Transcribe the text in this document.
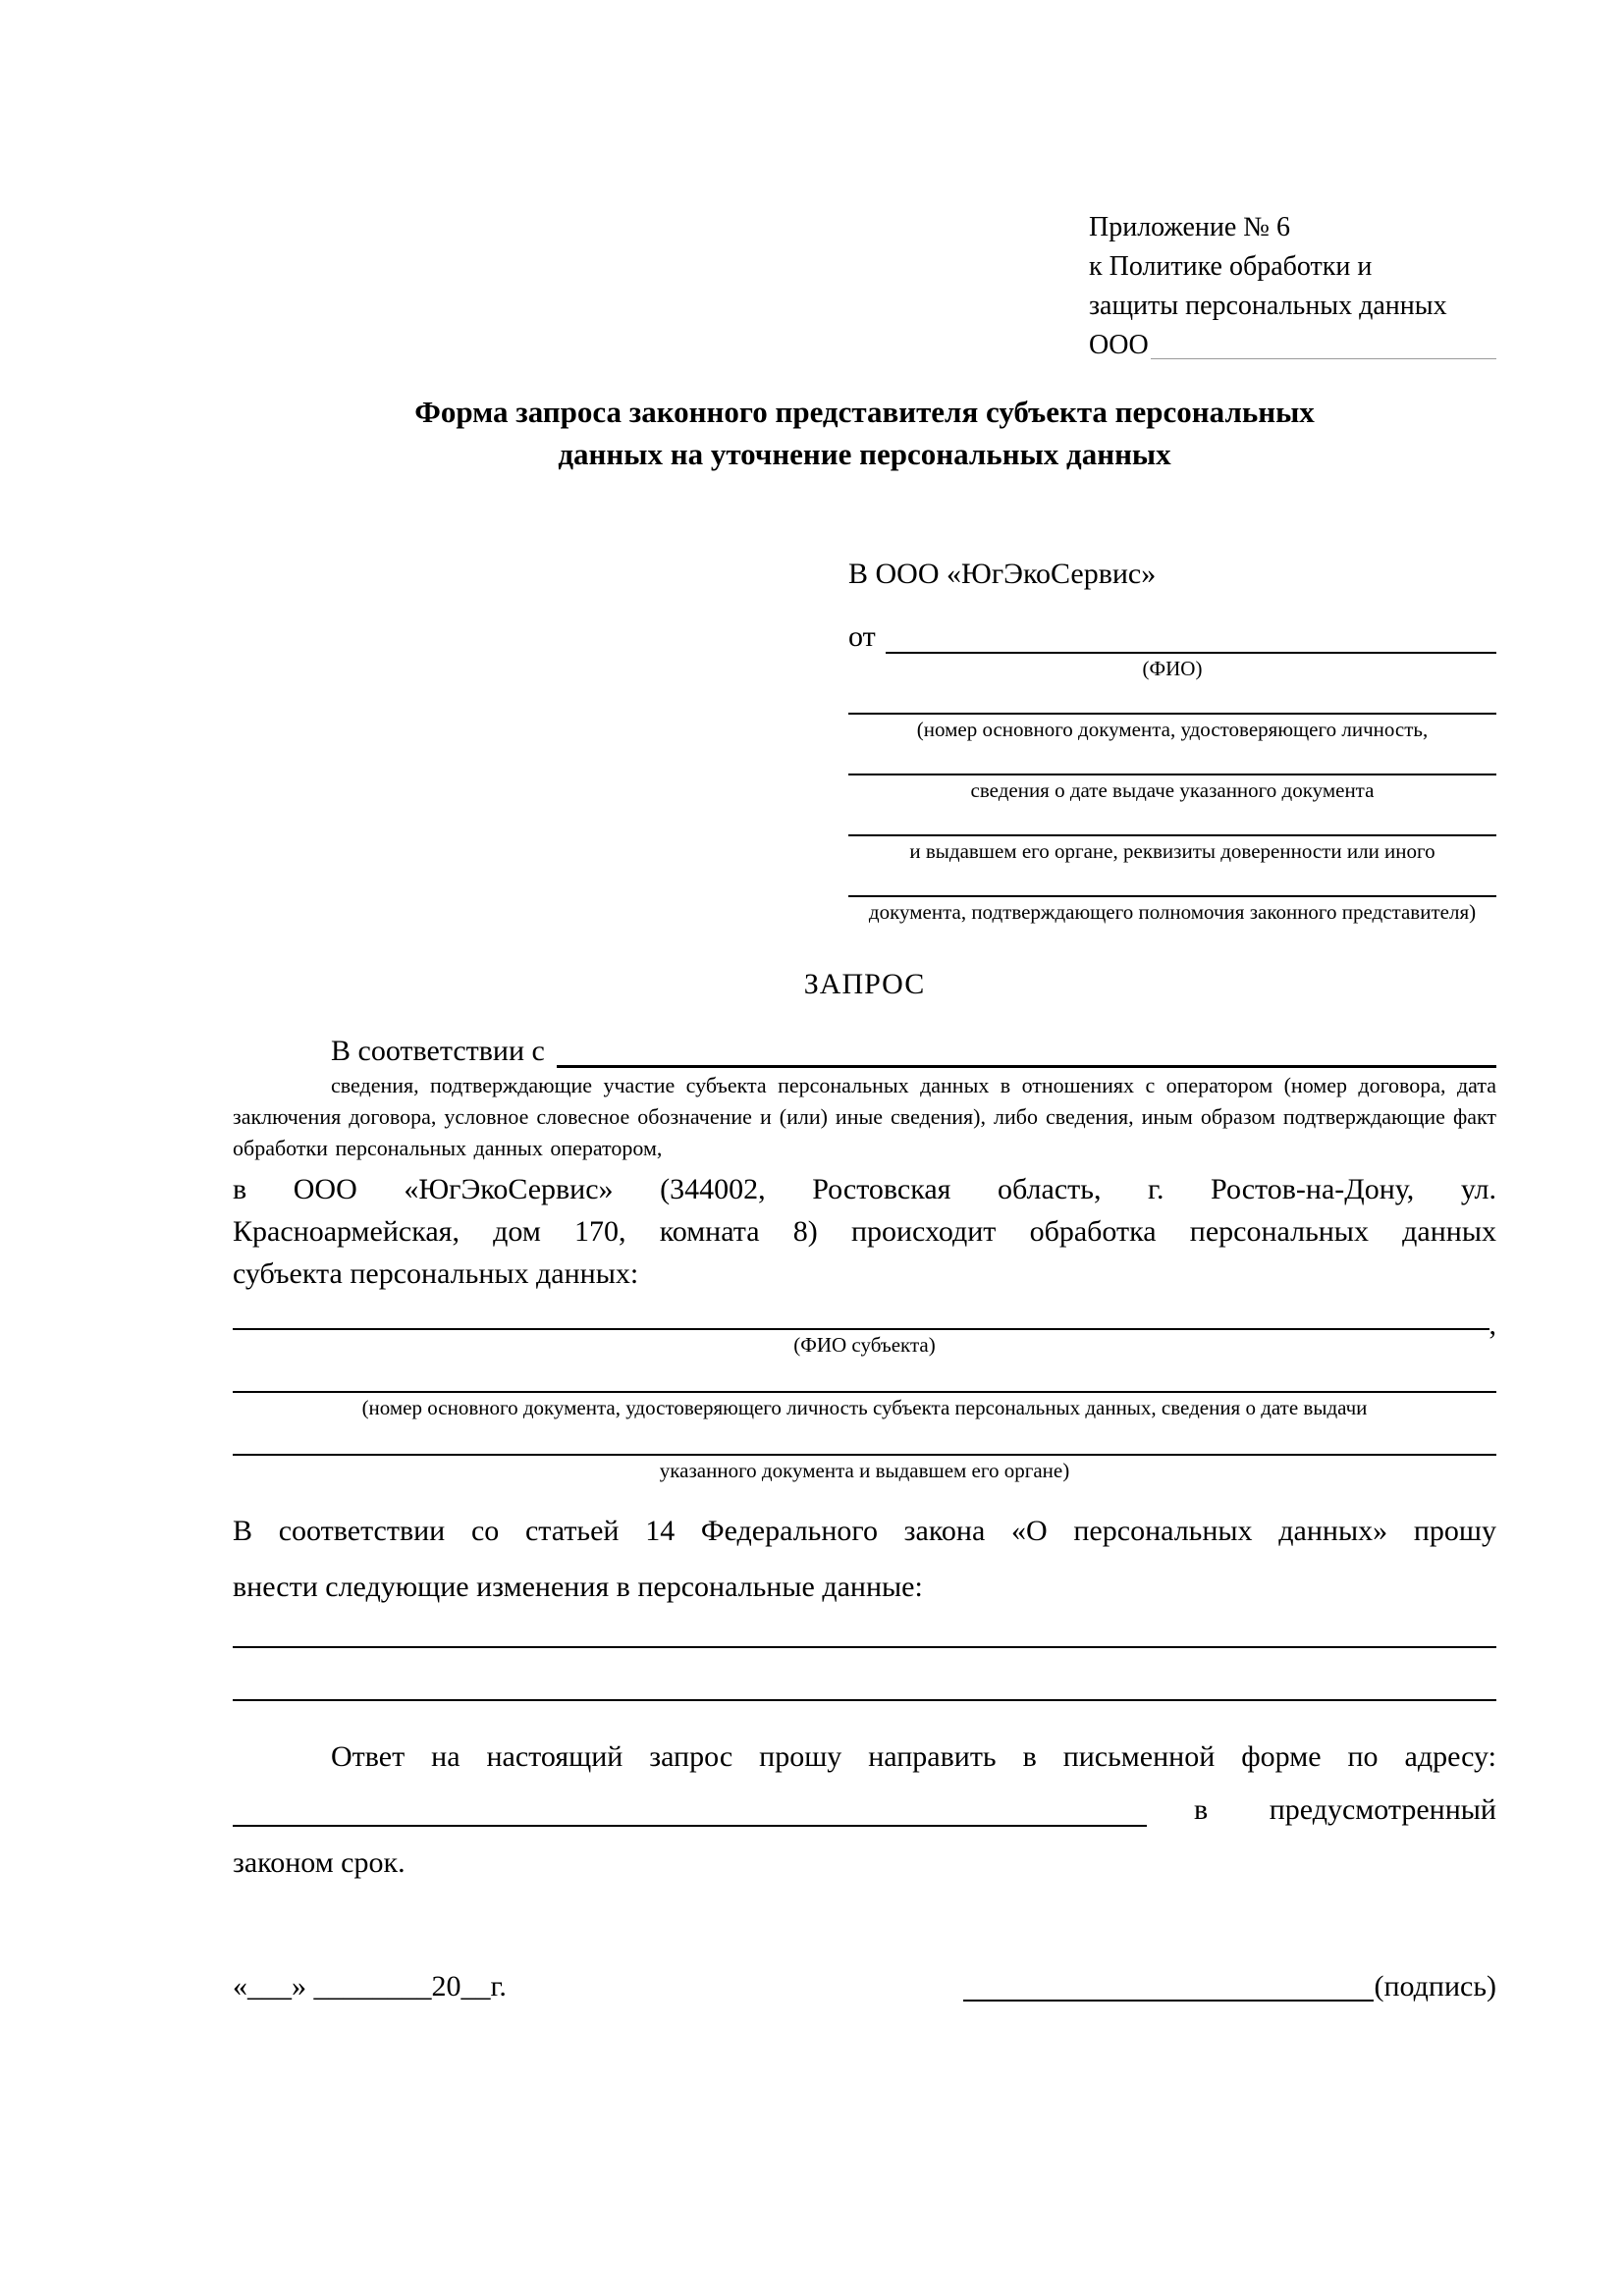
Приложение № 6
к Политике обработки и
защиты персональных данных
ООО
Форма запроса законного представителя субъекта персональных
данных на уточнение персональных данных
В ООО «ЮгЭкоСервис»
от
(ФИО)
(номер основного документа, удостоверяющего личность,
сведения о дате выдаче указанного документа
и выдавшем его органе, реквизиты доверенности или иного
документа, подтверждающего полномочия законного представителя)
ЗАПРОС
В соответствии с
сведения, подтверждающие участие субъекта персональных данных в отношениях с оператором (номер договора, дата заключения договора, условное словесное обозначение и (или) иные сведения), либо сведения, иным образом подтверждающие факт обработки персональных данных оператором,
в ООО «ЮгЭкоСервис» (344002, Ростовская область, г. Ростов-на-Дону, ул.
Красноармейская, дом 170, комната 8) происходит обработка персональных данных
субъекта персональных данных:
,
(ФИО субъекта)
(номер основного документа, удостоверяющего личность субъекта персональных данных, сведения о дате выдачи
указанного документа и выдавшем его органе)
В соответствии со статьей 14 Федерального закона «О персональных данных» прошу
внести следующие изменения в персональные данные:
Ответ на настоящий запрос прошу направить в письменной форме по адресу:
в предусмотренный
законом срок.
«___» ________20__г.	(подпись)
